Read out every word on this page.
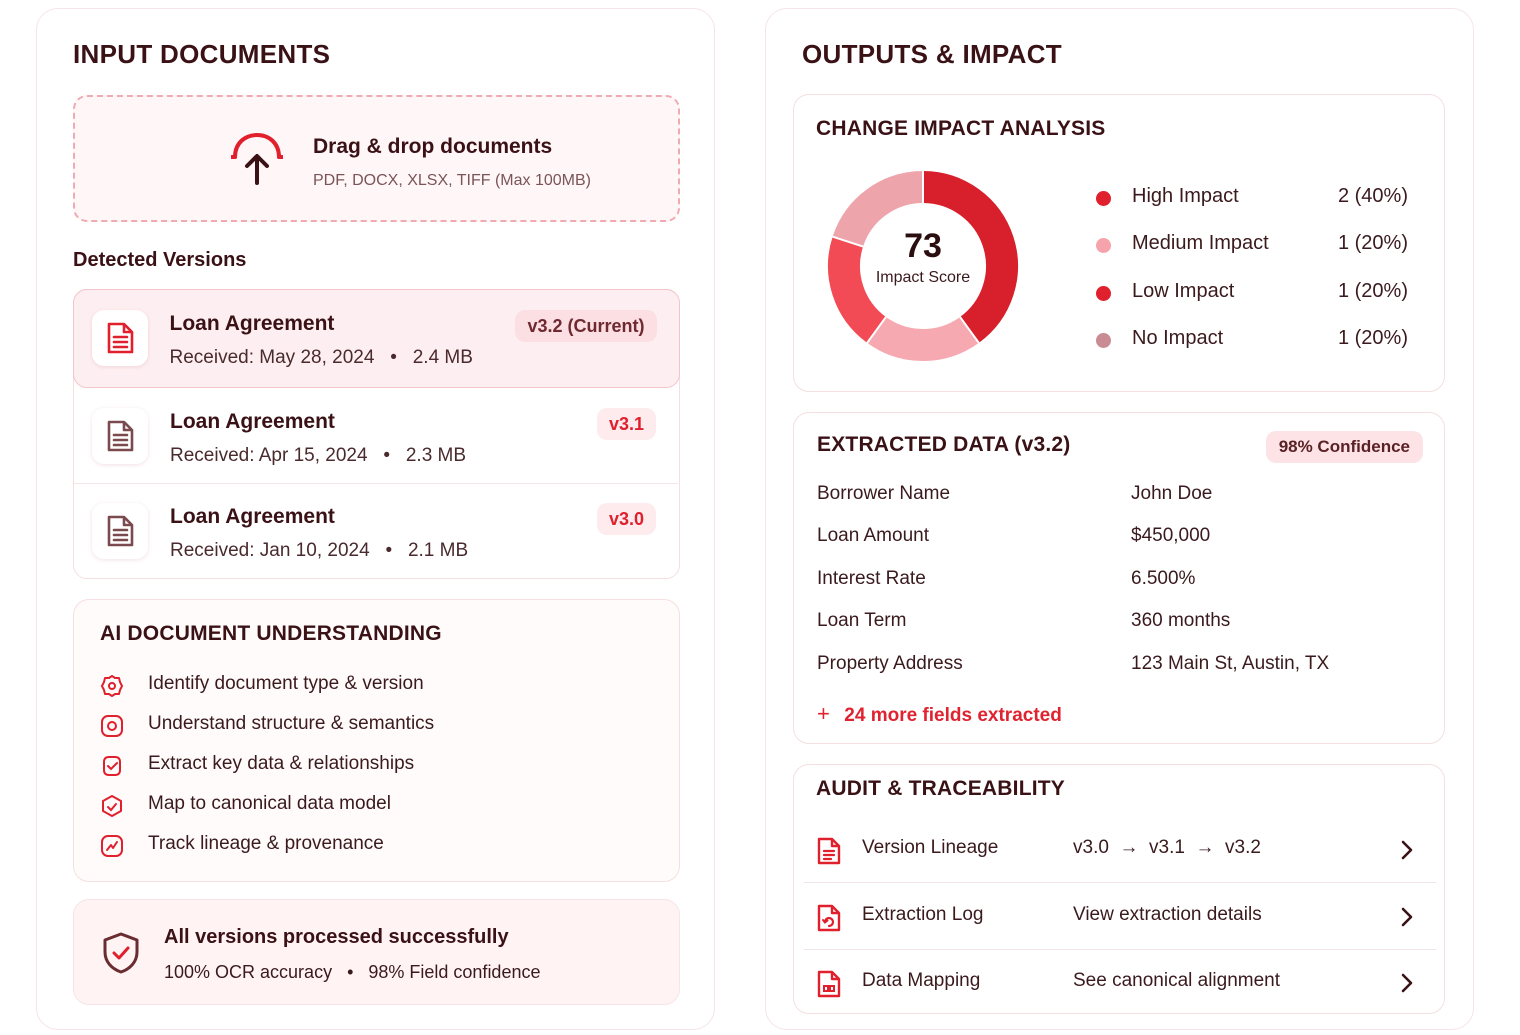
INPUT DOCUMENTS
Drag & drop documents
PDF, DOCX, XLSX, TIFF (Max 100MB)
Detected Versions
Loan Agreement
Received: May 28, 2024   •   2.4 MB
v3.2 (Current)
Loan Agreement
Received: Apr 15, 2024   •   2.3 MB
v3.1
Loan Agreement
Received: Jan 10, 2024   •   2.1 MB
v3.0
AI DOCUMENT UNDERSTANDING
Identify document type & version
Understand structure & semantics
Extract key data & relationships
Map to canonical data model
Track lineage & provenance
All versions processed successfully
100% OCR accuracy   •   98% Field confidence
OUTPUTS & IMPACT
CHANGE IMPACT ANALYSIS
73
Impact Score
High Impact	2 (40%)
Medium Impact	1 (20%)
Low Impact	1 (20%)
No Impact	1 (20%)
EXTRACTED DATA (v3.2)	98% Confidence
Borrower Name	John Doe
Loan Amount	$450,000
Interest Rate	6.500%
Loan Term	360 months
Property Address	123 Main St, Austin, TX
+ 24 more fields extracted
AUDIT & TRACEABILITY
Version Lineage	v3.0  →  v3.1  →  v3.2
Extraction Log	View extraction details
Data Mapping	See canonical alignment
